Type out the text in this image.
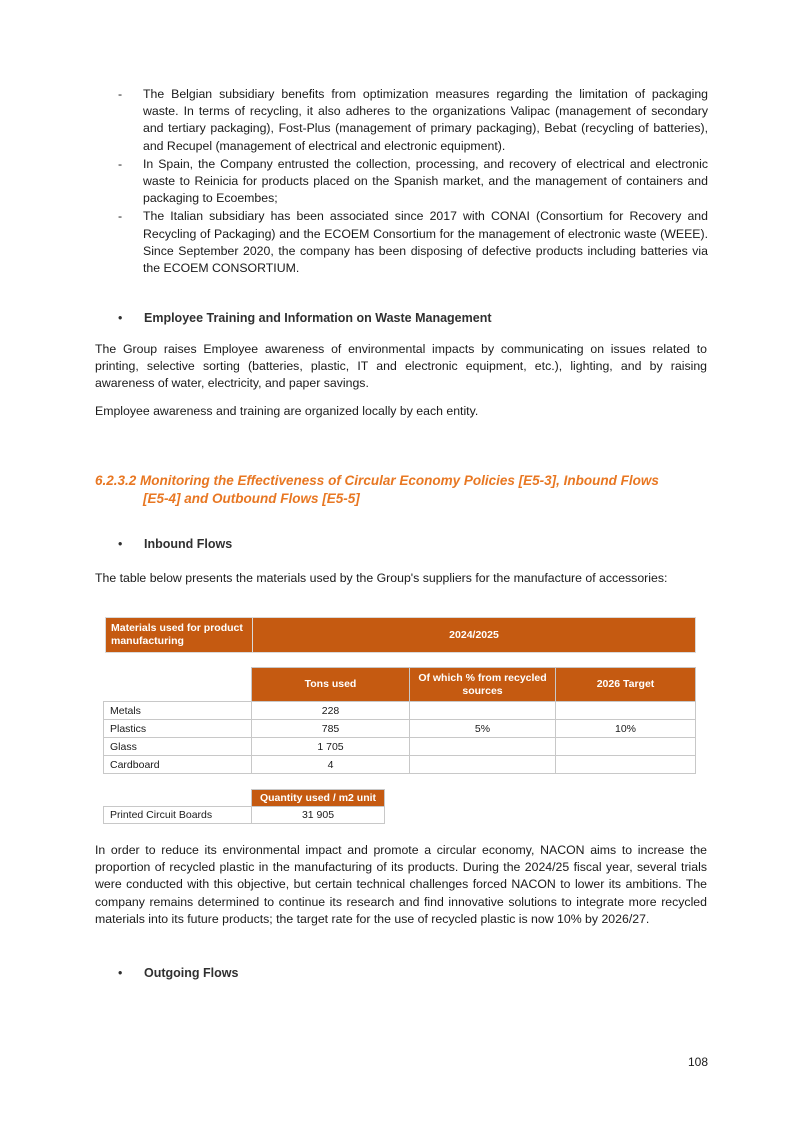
- The Belgian subsidiary benefits from optimization measures regarding the limitation of packaging waste. In terms of recycling, it also adheres to the organizations Valipac (management of secondary and tertiary packaging), Fost-Plus (management of primary packaging), Bebat (recycling of batteries), and Recupel (management of electrical and electronic equipment).
- In Spain, the Company entrusted the collection, processing, and recovery of electrical and electronic waste to Reinicia for products placed on the Spanish market, and the management of containers and packaging to Ecoembes;
- The Italian subsidiary has been associated since 2017 with CONAI (Consortium for Recovery and Recycling of Packaging) and the ECOEM Consortium for the management of electronic waste (WEEE). Since September 2020, the company has been disposing of defective products including batteries via the ECOEM CONSORTIUM.
• Employee Training and Information on Waste Management
The Group raises Employee awareness of environmental impacts by communicating on issues related to printing, selective sorting (batteries, plastic, IT and electronic equipment, etc.), lighting, and by raising awareness of water, electricity, and paper savings.
Employee awareness and training are organized locally by each entity.
6.2.3.2 Monitoring the Effectiveness of Circular Economy Policies [E5-3], Inbound Flows
[E5-4] and Outbound Flows [E5-5]
• Inbound Flows
The table below presents the materials used by the Group's suppliers for the manufacture of accessories:
Materials used for product manufacturing	2024/2025
	Tons used	Of which % from recycled sources	2026 Target
Metals	228		
Plastics	785	5%	10%
Glass	1 705		
Cardboard	4		
	Quantity used / m2 unit
Printed Circuit Boards	31 905
In order to reduce its environmental impact and promote a circular economy, NACON aims to increase the proportion of recycled plastic in the manufacturing of its products. During the 2024/25 fiscal year, several trials were conducted with this objective, but certain technical challenges forced NACON to lower its ambitions. The company remains determined to continue its research and find innovative solutions to integrate more recycled materials into its future products; the target rate for the use of recycled plastic is now 10% by 2026/27.
• Outgoing Flows
108
